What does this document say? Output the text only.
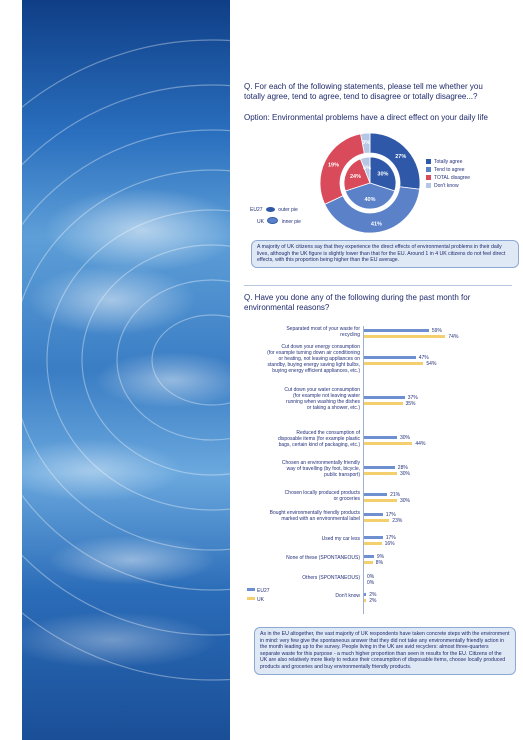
Q. For each of the following statements, please tell me whether you
totally agree, tend to agree, tend to disagree or totally disagree...?
Option: Environmental problems have a direct effect on your daily life
27%
41%
19%
3%
30%
40%
24%
6%
Totally agree
Tend to agree
TOTAL disagree
Don't know
EU27	outer pie
UK	inner pie
A majority of UK citizens say that they experience the direct effects of environmental problems in their daily lives, although the UK figure is slightly lower than that for the EU. Around 1 in 4 UK citizens do not feel direct effects, with this proportion being higher than the EU average.
Q. Have you done any of the following during the past month for
environmental reasons?
Separated most of your waste for
recycling
59%
74%
Cut down your energy consumption
(for example turning down air conditioning
or heating, not leaving appliances on
standby, buying energy saving light bulbs,
buying energy efficient appliances, etc.)
47%
54%
Cut down your water consumption
(for example not leaving water
running when washing the dishes
or taking a shower, etc.)
37%
35%
Reduced the consumption of
disposable items (for example plastic
bags, certain kind of packaging, etc.)
30%
44%
Chosen an environmentally friendly
way of travelling (by foot, bicycle,
public transport)
28%
30%
Chosen locally produced products
or groceries
21%
30%
Bought environmentally friendly products
marked with an environmental label
17%
23%
Used my car less	17%
16%
None of these (SPONTANEOUS)	9%
8%
Others (SPONTANEOUS) 0%
0%
Don't know 2%
2%
EU27
UK
As in the EU altogether, the vast majority of UK respondents have taken concrete steps with the environment in mind: very few give the spontaneous answer that they did not take any environmentally friendly action in the month leading up to the survey. People living in the UK are avid recyclers: almost three-quarters separate waste for this purpose - a much higher proportion than seen in results for the EU. Citizens of the UK are also relatively more likely to reduce their consumption of disposable items, choose locally produced products and groceries and buy environmentally friendly products.
